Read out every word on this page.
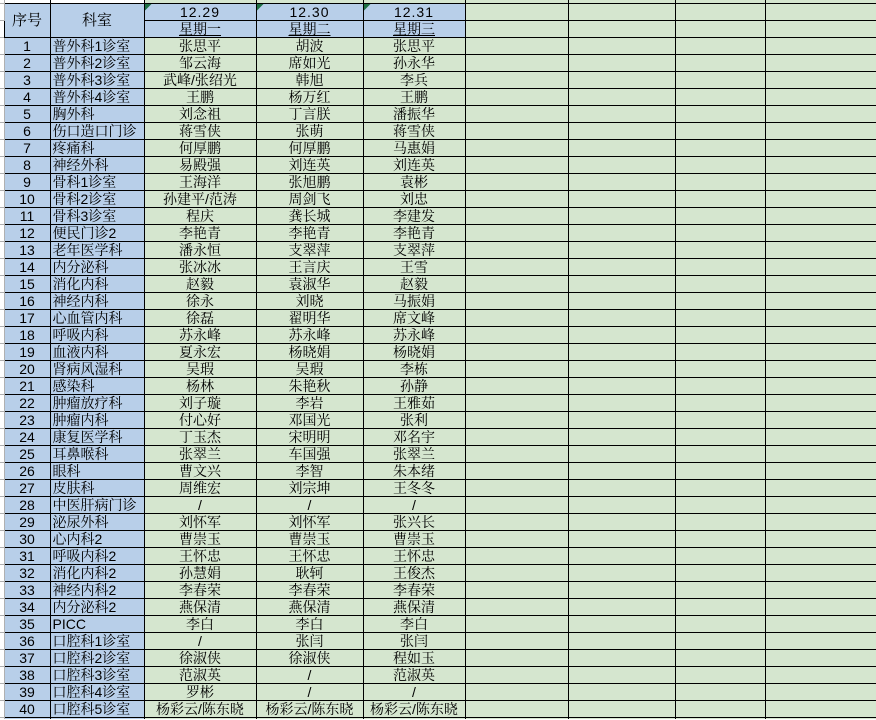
	序号	科室	12.29	12.30	12.31				
			星期一	星期二	星期三				
	1	普外科1诊室	张思平	胡波	张思平				
	2	普外科2诊室	邹云海	席如光	孙永华				
	3	普外科3诊室	武峰/张绍光	韩旭	李兵				
	4	普外科4诊室	王鹏	杨万红	王鹏				
	5	胸外科	刘念祖	丁言朕	潘振华				
	6	伤口造口门诊	蒋雪侠	张萌	蒋雪侠				
	7	疼痛科	何厚鹏	何厚鹏	马惠娟				
	8	神经外科	易殿强	刘连英	刘连英				
	9	骨科1诊室	王海洋	张旭鹏	袁彬				
	10	骨科2诊室	孙建平/范涛	周剑飞	刘忠				
	11	骨科3诊室	程庆	龚长城	李建发				
	12	便民门诊2	李艳青	李艳青	李艳青				
	13	老年医学科	潘永恒	支翠萍	支翠萍				
	14	内分泌科	张冰冰	王言庆	王雪				
	15	消化内科	赵毅	袁淑华	赵毅				
	16	神经内科	徐永	刘晓	马振娟				
	17	心血管内科	徐磊	翟明华	席文峰				
	18	呼吸内科	苏永峰	苏永峰	苏永峰				
	19	血液内科	夏永宏	杨晓娟	杨晓娟				
	20	肾病风湿科	吴瑕	吴瑕	李栋				
	21	感染科	杨林	朱艳秋	孙静				
	22	肿瘤放疗科	刘子璇	李岩	王雅茹				
	23	肿瘤内科	付心好	邓国光	张利				
	24	康复医学科	丁玉杰	宋明明	邓名宇				
	25	耳鼻喉科	张翠兰	车国强	张翠兰				
	26	眼科	曹文兴	李智	朱本绪				
	27	皮肤科	周维宏	刘宗坤	王冬冬				
	28	中医肝病门诊	/	/	/				
	29	泌尿外科	刘怀军	刘怀军	张兴长				
	30	心内科2	曹崇玉	曹崇玉	曹崇玉				
	31	呼吸内科2	王怀忠	王怀忠	王怀忠				
	32	消化内科2	孙慧娟	耿轲	王俊杰				
	33	神经内科2	李春荣	李春荣	李春荣				
	34	内分泌科2	燕保清	燕保清	燕保清				
	35	PICC	李白	李白	李白				
	36	口腔科1诊室	/	张闫	张闫				
	37	口腔科2诊室	徐淑侠	徐淑侠	程如玉				
	38	口腔科3诊室	范淑英	/	范淑英				
	39	口腔科4诊室	罗彬	/	/				
	40	口腔科5诊室	杨彩云/陈东晓	杨彩云/陈东晓	杨彩云/陈东晓				
